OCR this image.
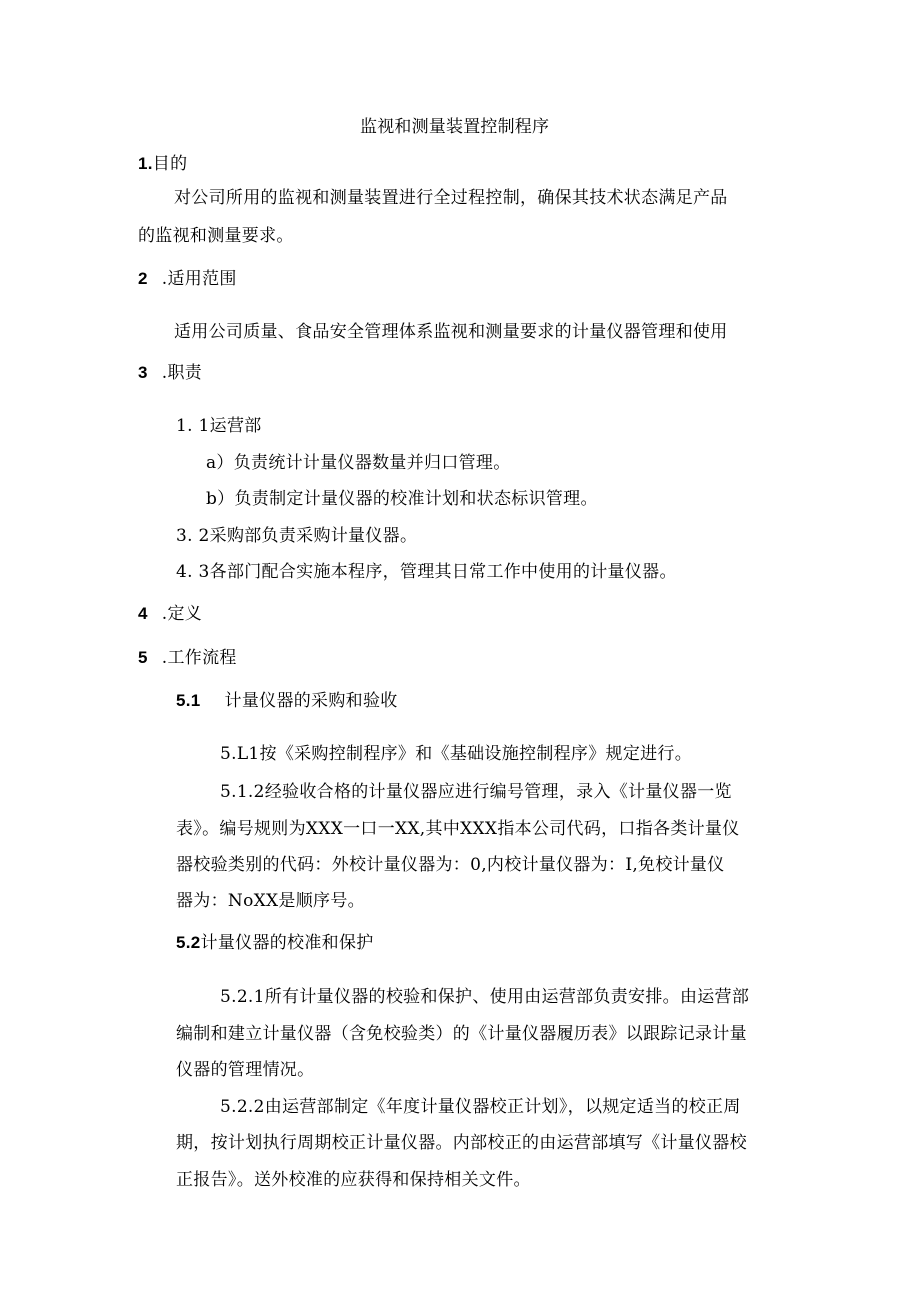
监视和测量装置控制程序
1.目的
对公司所用的监视和测量装置进行全过程控制，确保其技术状态满足产品
的监视和测量要求。
2 .适用范围
适用公司质量、食品安全管理体系监视和测量要求的计量仪器管理和使用
3 .职责
1. 1运营部
a）负责统计计量仪器数量并归口管理。
b）负责制定计量仪器的校准计划和状态标识管理。
3. 2采购部负责采购计量仪器。
4. 3各部门配合实施本程序，管理其日常工作中使用的计量仪器。
4 .定义
5 .工作流程
5.1 计量仪器的采购和验收
5.L1按《采购控制程序》和《基础设施控制程序》规定进行。
5.1.2经验收合格的计量仪器应进行编号管理，录入《计量仪器一览
表》。编号规则为XXX一口一XX,其中XXX指本公司代码，口指各类计量仪
器校验类别的代码：外校计量仪器为：0,内校计量仪器为：I,免校计量仪
器为：NoXX是顺序号。
5.2计量仪器的校准和保护
5.2.1所有计量仪器的校验和保护、使用由运营部负责安排。由运营部
编制和建立计量仪器（含免校验类）的《计量仪器履历表》以跟踪记录计量
仪器的管理情况。
5.2.2由运营部制定《年度计量仪器校正计划》，以规定适当的校正周
期，按计划执行周期校正计量仪器。内部校正的由运营部填写《计量仪器校
正报告》。送外校准的应获得和保持相关文件。
